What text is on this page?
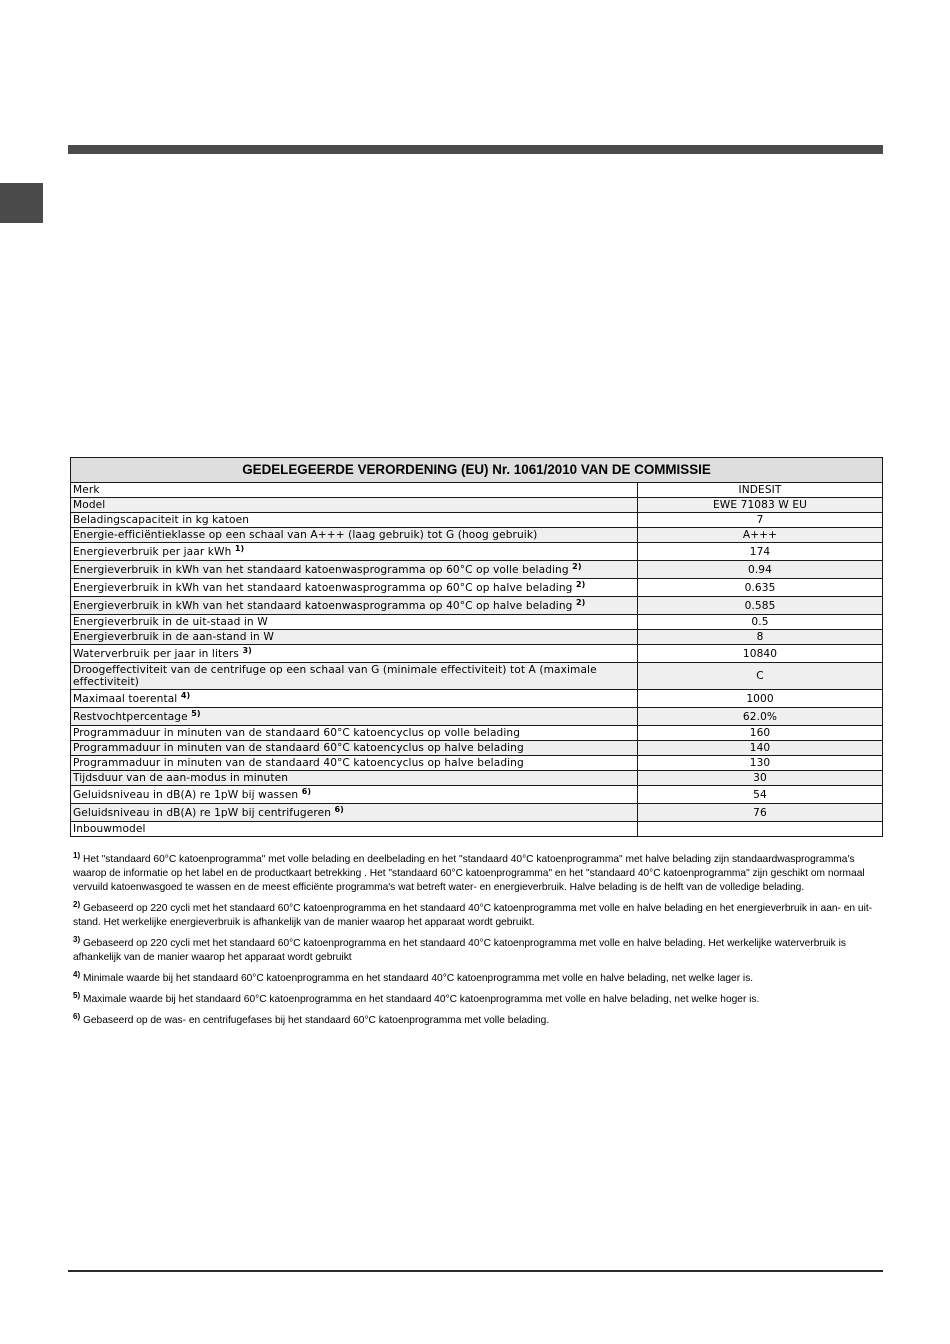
GEDELEGEERDE VERORDENING (EU) Nr. 1061/2010 VAN DE COMMISSIE	
Merk	INDESIT
Model	EWE 71083 W EU
Beladingscapaciteit in kg katoen	7
Energie-efficiëntieklasse op een schaal van A+++ (laag gebruik) tot G (hoog gebruik)	A+++
Energieverbruik per jaar kWh $^{1)}$	174
Energieverbruik in kWh van het standaard katoenwasprogramma op 60°C op volle belading $^{2)}$	0.94
Energieverbruik in kWh van het standaard katoenwasprogramma op 60°C op halve belading $^{2)}$	0.635
Energieverbruik in kWh van het standaard katoenwasprogramma op 40°C op halve belading $^{2)}$	0.585
Energieverbruik in de uit-staad in W	0.5
Energieverbruik in de aan-stand in W	8
Waterverbruik per jaar in liters $^{3)}$	10840
Droogeffectiviteit van de centrifuge op een schaal van G (minimale effectiviteit) tot A (maximale effectiviteit)	C
Maximaal toerental $^{4)}$	1000
Restvochtpercentage $^{5)}$	62.0%
Programmaduur in minuten van de standaard 60°C katoencyclus op volle belading	160
Programmaduur in minuten van de standaard 60°C katoencyclus op halve belading	140
Programmaduur in minuten van de standaard 40°C katoencyclus op halve belading	130
Tijdsduur van de aan-modus in minuten	30
Geluidsniveau in dB(A) re 1pW bij wassen $^{6)}$	54
Geluidsniveau in dB(A) re 1pW bij centrifugeren $^{6)}$	76
Inbouwmodel	

$^{1)}$ Het "standaard 60°C katoenprogramma" met volle belading en deelbelading en het "standaard 40°C katoenprogramma" met halve belading zijn standaardwasprogramma's waarop de informatie op het label en de productkaart betrekking . Het "standaard 60°C katoenprogramma" en het "standaard 40°C katoenprogramma" zijn geschikt om normaal vervuild katoenwasgoed te wassen en de meest efficiënte programma's wat betreft water- en energieverbruik. Halve belading is de helft van de volledige belading.

$^{2)}$ Gebaseerd op 220 cycli met het standaard 60°C katoenprogramma en het standaard 40°C katoenprogramma met volle en halve belading en het energieverbruik in aan- en uit-stand. Het werkelijke energieverbruik is afhankelijk van de manier waarop het apparaat wordt gebruikt.

$^{3)}$ Gebaseerd op 220 cycli met het standaard 60°C katoenprogramma en het standaard 40°C katoenprogramma met volle en halve belading. Het werkelijke waterverbruik is afhankelijk van de manier waarop het apparaat wordt gebruikt

$^{4)}$ Minimale waarde bij het standaard 60°C katoenprogramma en het standaard 40°C katoenprogramma met volle en halve belading, net welke lager is.

$^{5)}$ Maximale waarde bij het standaard 60°C katoenprogramma en het standaard 40°C katoenprogramma met volle en halve belading, net welke hoger is.

$^{6)}$ Gebaseerd op de was- en centrifugefases bij het standaard 60°C katoenprogramma met volle belading.
